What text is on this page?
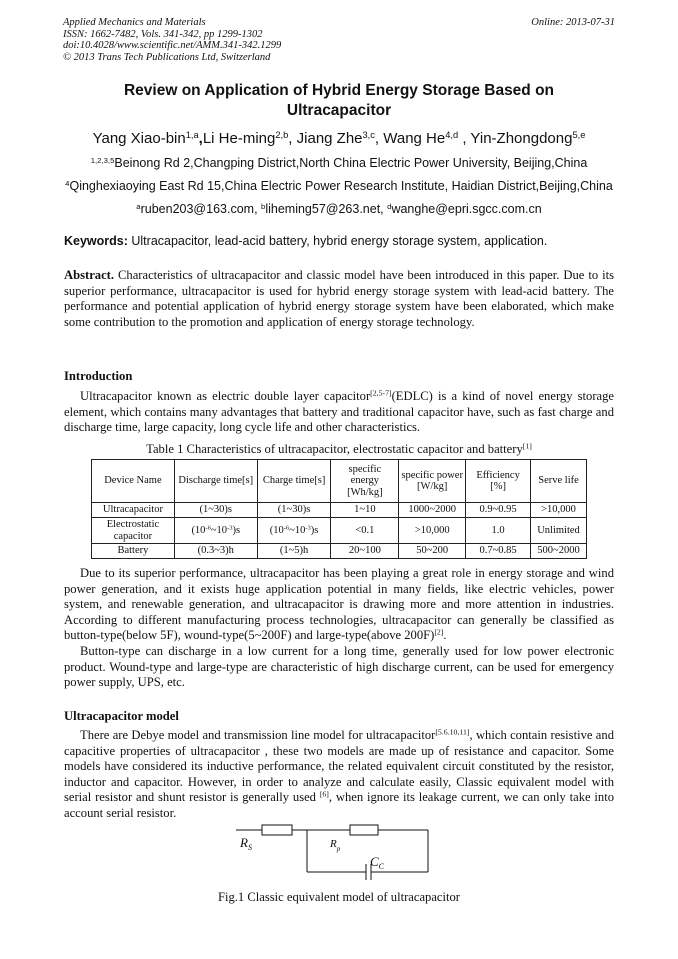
Applied Mechanics and Materials
ISSN: 1662-7482, Vols. 341-342, pp 1299-1302
doi:10.4028/www.scientific.net/AMM.341-342.1299
© 2013 Trans Tech Publications Ltd, Switzerland
Online: 2013-07-31
Review on Application of Hybrid Energy Storage Based on
Ultracapacitor
Yang Xiao-bin$^{1,a}$,Li He-ming$^{2,b}$, Jiang Zhe$^{3,c}$, Wang He$^{4,d}$ , Yin-Zhongdong$^{5,e}$
$^{1,2,3,5}$Beinong Rd 2,Changping District,North China Electric Power University, Beijing,China
$^4$Qinghexiaoying East Rd 15,China Electric Power Research Institute, Haidian District,Beijing,China
$^a$ruben203@163.com, $^b$liheming57@263.net, $^d$wanghe@epri.sgcc.com.cn
Keywords: Ultracapacitor, lead-acid battery, hybrid energy storage system, application.
Abstract. Characteristics of ultracapacitor and classic model have been introduced in this paper. Due to its superior performance, ultracapacitor is used for hybrid energy storage system with lead-acid battery. The performance and potential application of hybrid energy storage system have been elaborated, which make some contribution to the promotion and application of energy storage technology.
Introduction
Ultracapacitor known as electric double layer capacitor[2,5-7](EDLC) is a kind of novel energy storage element, which contains many advantages that battery and traditional capacitor have, such as fast charge and discharge time, large capacity, long cycle life and other characteristics.
Table 1 Characteristics of ultracapacitor, electrostatic capacitor and battery[1]
Device Name	Discharge time[s]	Charge time[s]	specific energy [Wh/kg]	specific power [W/kg]	Efficiency [%]	Serve life
Ultracapacitor	(1~30)s	(1~30)s	1~10	1000~2000	0.9~0.95	>10,000
Electrostatic capacitor	$(10^{-6}\sim 10^{-3})s$	$(10^{-6}\sim 10^{-3})s$	<0.1	>10,000	1.0	Unlimited
Battery	(0.3~3)h	(1~5)h	20~100	50~200	0.7~0.85	500~2000
Due to its superior performance, ultracapacitor has been playing a great role in energy storage and wind power generation, and it exists huge application potential in many fields, like electric vehicles, power system, and renewable generation, and ultracapacitor is drawing more and more attention in industries. According to different manufacturing process technologies, ultracapacitor can generally be classified as button-type(below 5F), wound-type(5~200F) and large-type(above 200F)[2].
Button-type can discharge in a low current for a long time, generally used for low power electronic product. Wound-type and large-type are characteristic of high discharge current, can be used for emergency power supply, UPS, etc.
Ultracapacitor model
There are Debye model and transmission line model for ultracapacitor[5.6.10,11], which contain resistive and capacitive properties of ultracapacitor , these two models are made up of resistance and capacitor. Some models have considered its inductive performance, the related equivalent circuit constituted by the resistor, inductor and capacitor. However, in order to analyze and calculate easily, Classic equivalent model with serial resistor and shunt resistor is generally used [6], when ignore its leakage current, we can only take into account serial resistor.
$R_S$	$R_p$
$C_C$
Fig.1 Classic equivalent model of ultracapacitor
